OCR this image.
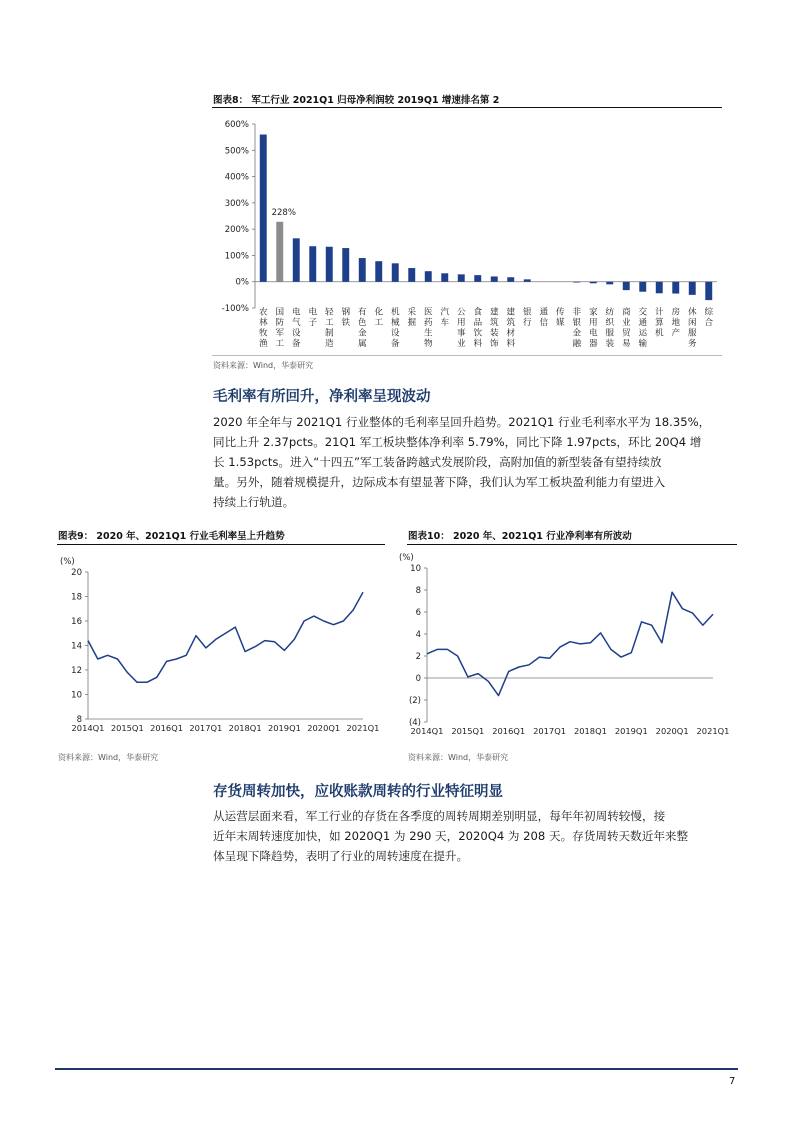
图表8： 军工行业 2021Q1 归母净利润较 2019Q1 增速排名第 2
600%
500%
400%
300%
200%
100%
0%
-100% 农林牧渔
国防军工
电气设备
电子
轻工制造
钢铁
有色金属
化工
机械设备
采掘
医药生物
汽车
公用事业
食品饮料
建筑装饰
建筑材料
银行
通信
传媒
非银金融
家用电器
纺织服装
商业贸易
交通运输
计算机
房地产
休闲服务
综合
228%
资料来源：Wind，华泰研究
毛利率有所回升，净利率呈现波动
2020 年全年与 2021Q1 行业整体的毛利率呈回升趋势。2021Q1 行业毛利率水平为 18.35%，
同比上升 2.37pcts。21Q1 军工板块整体净利率 5.79%，同比下降 1.97pcts，环比 20Q4 增
长 1.53pcts。进入“十四五”军工装备跨越式发展阶段，高附加值的新型装备有望持续放
量。另外，随着规模提升，边际成本有望显著下降，我们认为军工板块盈利能力有望进入
持续上行轨道。
图表9： 2020 年、2021Q1 行业毛利率呈上升趋势
(%)
20
18
16
14
12
10
8
2014Q1 2015Q1 2016Q1 2017Q1 2018Q1 2019Q1 2020Q1 2021Q1
资料来源：Wind，华泰研究
图表10： 2020 年、2021Q1 行业净利率有所波动
(%)
10
8
6
4
2
0
(2)
(4)
2014Q1 2015Q1 2016Q1 2017Q1 2018Q1 2019Q1 2020Q1 2021Q1
资料来源：Wind，华泰研究
存货周转加快，应收账款周转的行业特征明显
从运营层面来看，军工行业的存货在各季度的周转周期差别明显，每年年初周转较慢，接
近年末周转速度加快，如 2020Q1 为 290 天，2020Q4 为 208 天。存货周转天数近年来整
体呈现下降趋势，表明了行业的周转速度在提升。
7
